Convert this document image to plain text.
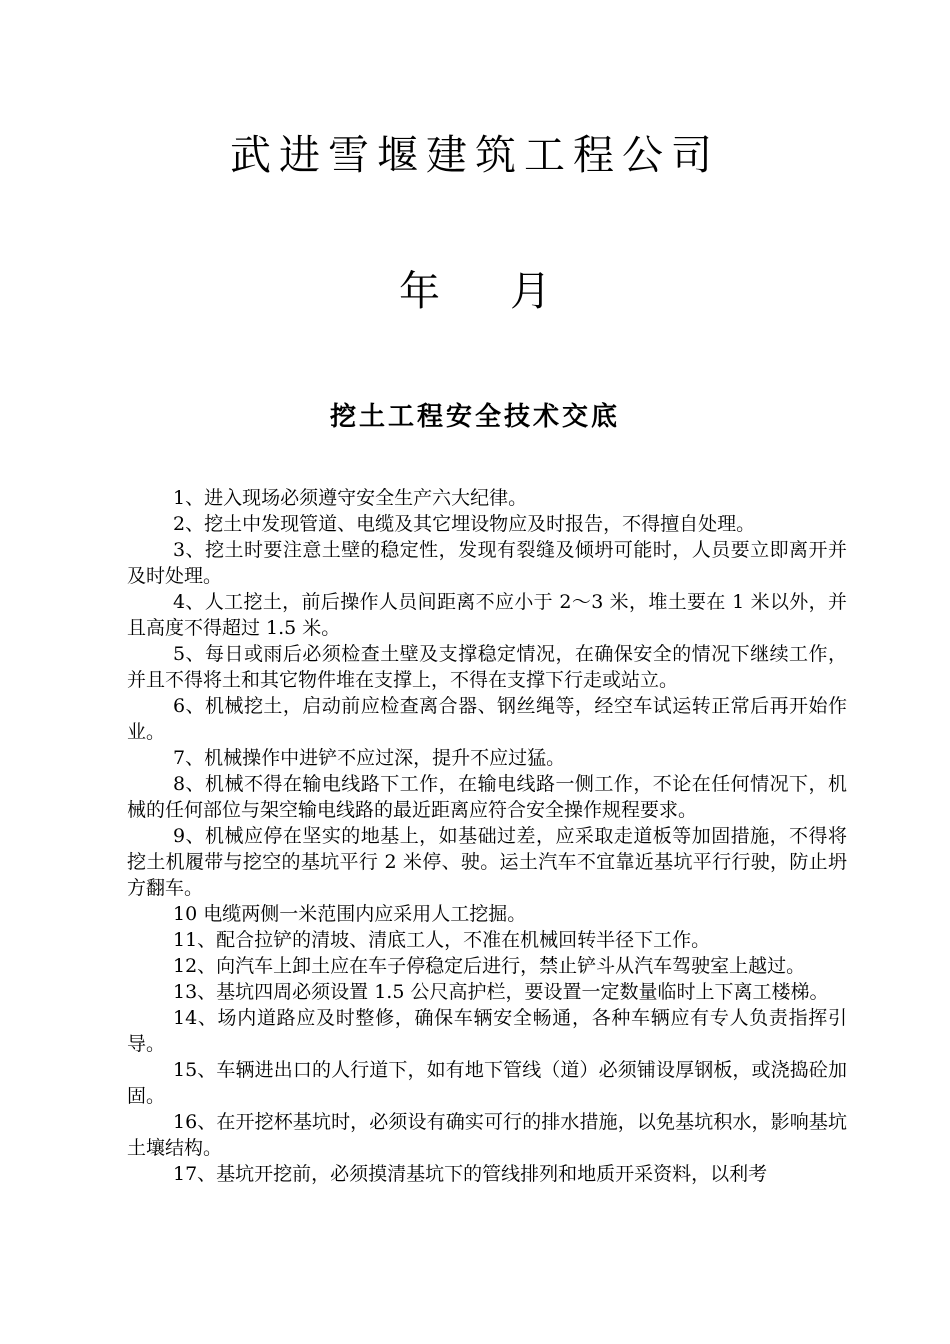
武进雪堰建筑工程公司
年 月
挖土工程安全技术交底

1、进入现场必须遵守安全生产六大纪律。

2、挖土中发现管道、电缆及其它埋设物应及时报告，不得擅自处理。

3、挖土时要注意土壁的稳定性，发现有裂缝及倾坍可能时，人员要立即离开并及时处理。

4、人工挖土，前后操作人员间距离不应小于 2～3 米，堆土要在 1 米以外，并且高度不得超过 1.5 米。

5、每日或雨后必须检查土壁及支撑稳定情况，在确保安全的情况下继续工作，并且不得将土和其它物件堆在支撑上，不得在支撑下行走或站立。

6、机械挖土，启动前应检查离合器、钢丝绳等，经空车试运转正常后再开始作业。

7、机械操作中进铲不应过深，提升不应过猛。

8、机械不得在输电线路下工作，在输电线路一侧工作，不论在任何情况下，机械的任何部位与架空输电线路的最近距离应符合安全操作规程要求。

9、机械应停在坚实的地基上，如基础过差，应采取走道板等加固措施，不得将挖土机履带与挖空的基坑平行 2 米停、驶。运土汽车不宜靠近基坑平行行驶，防止坍方翻车。

10 电缆两侧一米范围内应采用人工挖掘。

11、配合拉铲的清坡、清底工人，不准在机械回转半径下工作。

12、向汽车上卸土应在车子停稳定后进行，禁止铲斗从汽车驾驶室上越过。

13、基坑四周必须设置 1.5 公尺高护栏，要设置一定数量临时上下离工楼梯。

14、场内道路应及时整修，确保车辆安全畅通，各种车辆应有专人负责指挥引导。

15、车辆进出口的人行道下，如有地下管线（道）必须铺设厚钢板，或浇捣砼加固。

16、在开挖杯基坑时，必须设有确实可行的排水措施，以免基坑积水，影响基坑土壤结构。

17、基坑开挖前，必须摸清基坑下的管线排列和地质开采资料，以利考
